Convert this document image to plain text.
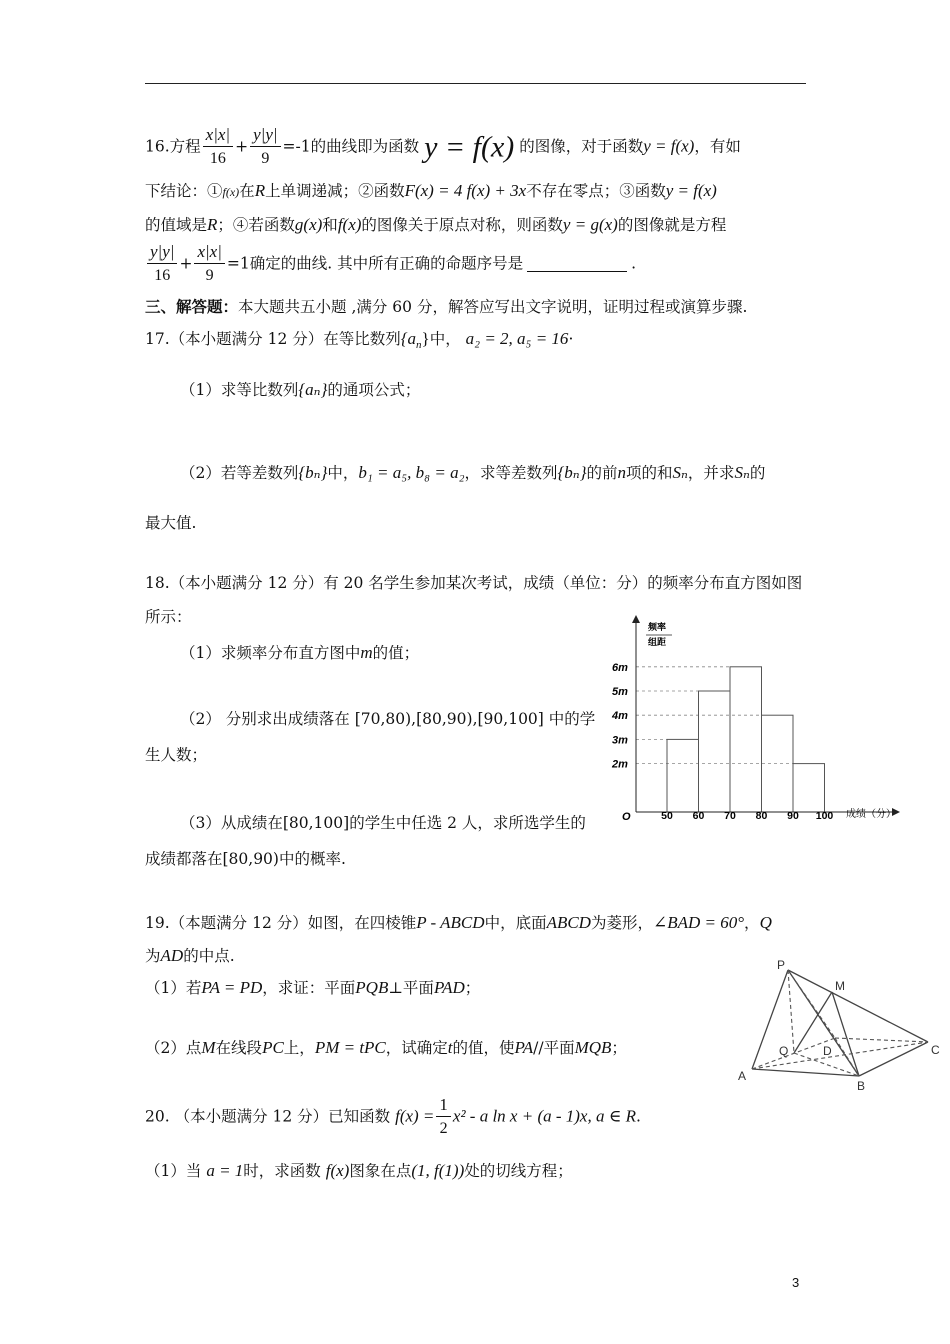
16.方程 $\frac{x|x|}{16} + \frac{y|y|}{9} =-1$的曲线即为函数 y = f(x) 的图像，对于函数y = f(x)，有如
下结论：①f(x)在R上单调递减；②函数F(x) = 4 f(x) + 3x不存在零点；③函数y = f(x)
的值域是R；④若函数g(x)和f(x)的图像关于原点对称，则函数y = g(x)的图像就是方程
$\frac{y|y|}{16} + \frac{x|x|}{9} =1$确定的曲线. 其中所有正确的命题序号是	.
三、解答题：本大题共五小题 ,满分 60 分，解答应写出文字说明，证明过程或演算步骤.
17.（本小题满分 12 分）在等比数列$\{a_n\}$中， a₂ = 2, a₅ = 16·
（1）求等比数列{aₙ}的通项公式；
（2）若等差数列{bₙ}中，b₁ = a₅, b₈ = a₂，求等差数列{bₙ}的前n项的和Sₙ，并求Sₙ的
最大值.
18.（本小题满分 12 分）有 20 名学生参加某次考试，成绩（单位：分）的频率分布直方图如图
所示：
（1）求频率分布直方图中m的值；
（2） 分别求出成绩落在 [70,80),[80,90),[90,100] 中的学
生人数；
（3）从成绩在[80,100]的学生中任选 2 人，求所选学生的
成绩都落在[80,90)中的概率.
频率
组距
O	成绩（分）
50 60 70 80 90 100
2m
3m
4m
5m
6m
19.（本题满分 12 分）如图，在四棱锥P - ABCD中，底面ABCD为菱形，∠BAD = 60°，Q
为AD的中点.
（1）若PA = PD，求证：平面PQB⊥平面PAD；
（2）点M在线段PC上，PM = tPC，试确定t的值，使PA//平面MQB；
P
M
Q	D
A
B
C
20. （本小题满分 12 分）已知函数 $f(x) = \frac{1}{2} x^2 - a$ ln x + (a - 1)x, a ∈ R.
（1）当 a = 1时，求函数 f(x)图象在点(1, f(1))处的切线方程；
3
